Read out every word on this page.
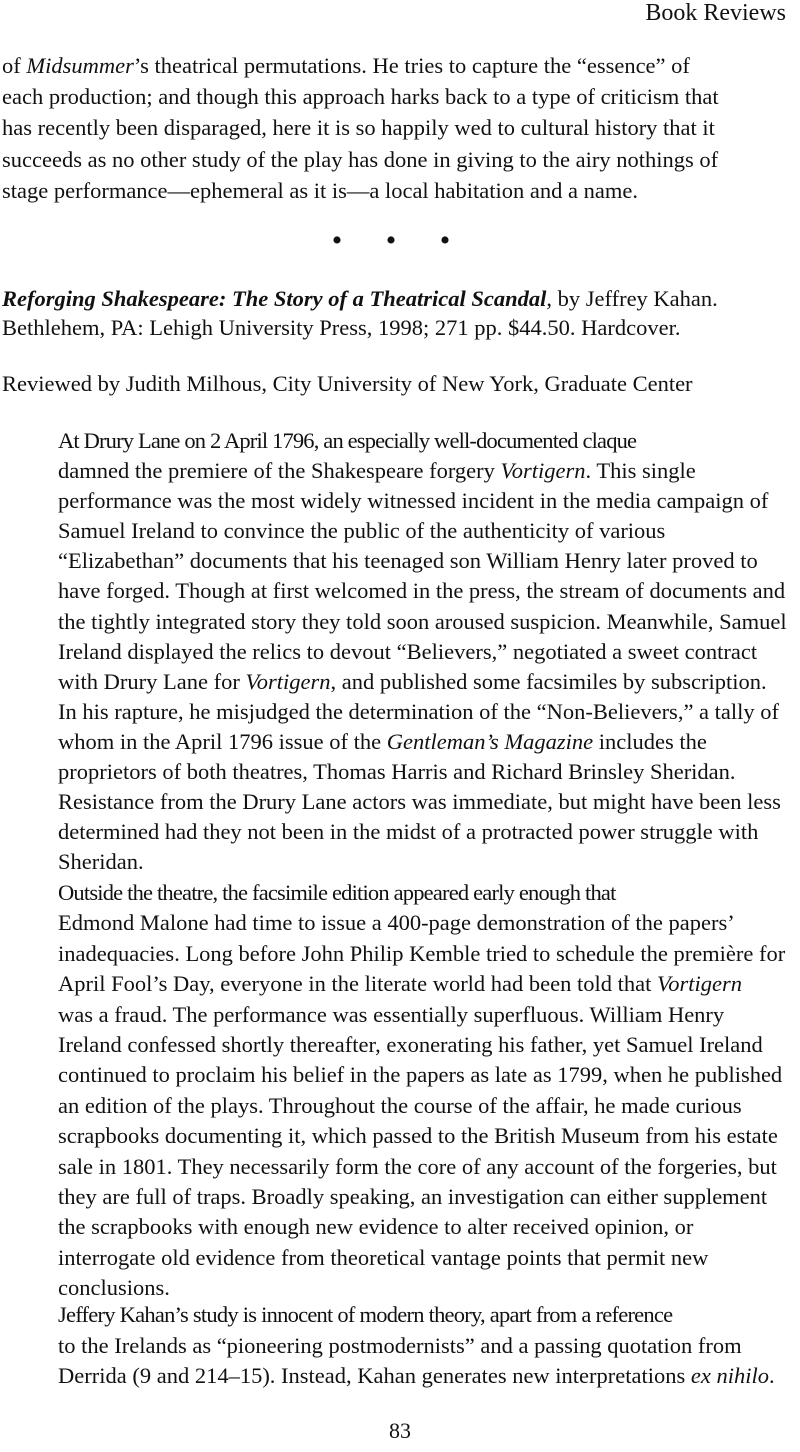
Book Reviews
of Midsummer’s theatrical permutations. He tries to capture the “essence” of
each production; and though this approach harks back to a type of criticism that
has recently been disparaged, here it is so happily wed to cultural history that it
succeeds as no other study of the play has done in giving to the airy nothings of
stage performance—ephemeral as it is—a local habitation and a name.
• • •
Reforging Shakespeare: The Story of a Theatrical Scandal, by Jeffrey Kahan.
Bethlehem, PA: Lehigh University Press, 1998; 271 pp. $44.50. Hardcover.
Reviewed by Judith Milhous, City University of New York, Graduate Center
At Drury Lane on 2 April 1796, an especially well-documented claque
damned the premiere of the Shakespeare forgery Vortigern. This single
performance was the most widely witnessed incident in the media campaign of
Samuel Ireland to convince the public of the authenticity of various
“Elizabethan” documents that his teenaged son William Henry later proved to
have forged. Though at first welcomed in the press, the stream of documents and
the tightly integrated story they told soon aroused suspicion. Meanwhile, Samuel
Ireland displayed the relics to devout “Believers,” negotiated a sweet contract
with Drury Lane for Vortigern, and published some facsimiles by subscription.
In his rapture, he misjudged the determination of the “Non-Believers,” a tally of
whom in the April 1796 issue of the Gentleman’s Magazine includes the
proprietors of both theatres, Thomas Harris and Richard Brinsley Sheridan.
Resistance from the Drury Lane actors was immediate, but might have been less
determined had they not been in the midst of a protracted power struggle with
Sheridan.
Outside the theatre, the facsimile edition appeared early enough that
Edmond Malone had time to issue a 400-page demonstration of the papers’
inadequacies. Long before John Philip Kemble tried to schedule the première for
April Fool’s Day, everyone in the literate world had been told that Vortigern
was a fraud. The performance was essentially superfluous. William Henry
Ireland confessed shortly thereafter, exonerating his father, yet Samuel Ireland
continued to proclaim his belief in the papers as late as 1799, when he published
an edition of the plays. Throughout the course of the affair, he made curious
scrapbooks documenting it, which passed to the British Museum from his estate
sale in 1801. They necessarily form the core of any account of the forgeries, but
they are full of traps. Broadly speaking, an investigation can either supplement
the scrapbooks with enough new evidence to alter received opinion, or
interrogate old evidence from theoretical vantage points that permit new
conclusions.
Jeffery Kahan’s study is innocent of modern theory, apart from a reference
to the Irelands as “pioneering postmodernists” and a passing quotation from
Derrida (9 and 214–15). Instead, Kahan generates new interpretations ex nihilo.
83
